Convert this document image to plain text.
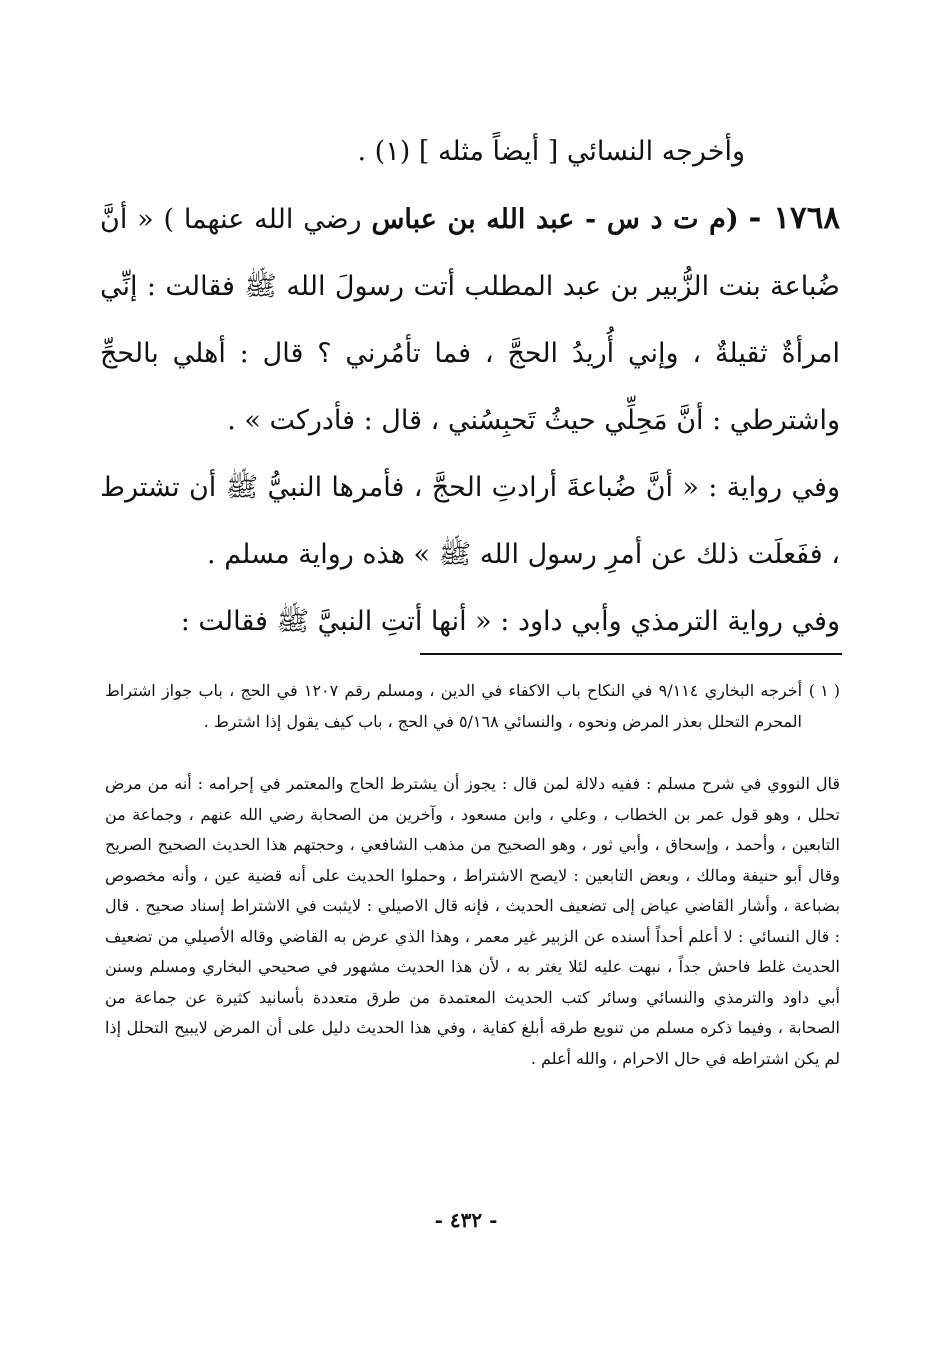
وأخرجه النسائي [ أيضاً مثله ] (١) .

١٧٦٨ - (م ت د س - عبد الله بن عباس رضي الله عنهما ) « أنَّ ضُباعة بنت الزُّبير بن عبد المطلب أتت رسولَ الله ﷺ فقالت : إنِّي امرأةٌ ثقيلةٌ ، وإني أُريدُ الحجَّ ، فما تأمُرني ؟ قال : أهلي بالحجِّ واشترطي : أنَّ مَحِلِّي حيثُ تَحبِسُني ، قال : فأدركت » .

وفي رواية : « أنَّ ضُباعةَ أرادتِ الحجَّ ، فأمرها النبيُّ ﷺ أن تشترط ، ففَعلَت ذلك عن أمرِ رسول الله ﷺ » هذه رواية مسلم .

وفي رواية الترمذي وأبي داود : « أنها أتتِ النبيَّ ﷺ فقالت :

( ١ )أخرجه البخاري ٩/١١٤ في النكاح باب الاكفاء في الدين ، ومسلم رقم ١٢٠٧ في الحج ، باب جواز اشتراط المحرم التحلل بعذر المرض ونحوه ، والنسائي ٥/١٦٨ في الحج ، باب كيف يقول إذا اشترط .

قال النووي في شرح مسلم : ففيه دلالة لمن قال : يجوز أن يشترط الحاج والمعتمر في إحرامه : أنه من مرض تحلل ، وهو قول عمر بن الخطاب ، وعلي ، وابن مسعود ، وآخرين من الصحابة رضي الله عنهم ، وجماعة من التابعين ، وأحمد ، وإسحاق ، وأبي ثور ، وهو الصحيح من مذهب الشافعي ، وحجتهم هذا الحديث الصحيح الصريح وقال أبو حنيفة ومالك ، وبعض التابعين : لايصح الاشتراط ، وحملوا الحديث على أنه قضية عين ، وأنه مخصوص بضباعة ، وأشار القاضي عياض إلى تضعيف الحديث ، فإنه قال الاصيلي : لايثبت في الاشتراط إسناد صحيح . قال : قال النسائي : لا أعلم أحداً أسنده عن الزبير غير معمر ، وهذا الذي عرض به القاضي وقاله الأصيلي من تضعيف الحديث غلط فاحش جداً ، نبهت عليه لئلا يغتر به ، لأن هذا الحديث مشهور في صحيحي البخاري ومسلم وسنن أبي داود والترمذي والنسائي وسائر كتب الحديث المعتمدة من طرق متعددة بأسانيد كثيرة عن جماعة من الصحابة ، وفيما ذكره مسلم من تنويع طرقه أبلغ كفاية ، وفي هذا الحديث دليل على أن المرض لايبيح التحلل إذا لم يكن اشتراطه في حال الاحرام ، والله أعلم .

- ٤٣٢ -
